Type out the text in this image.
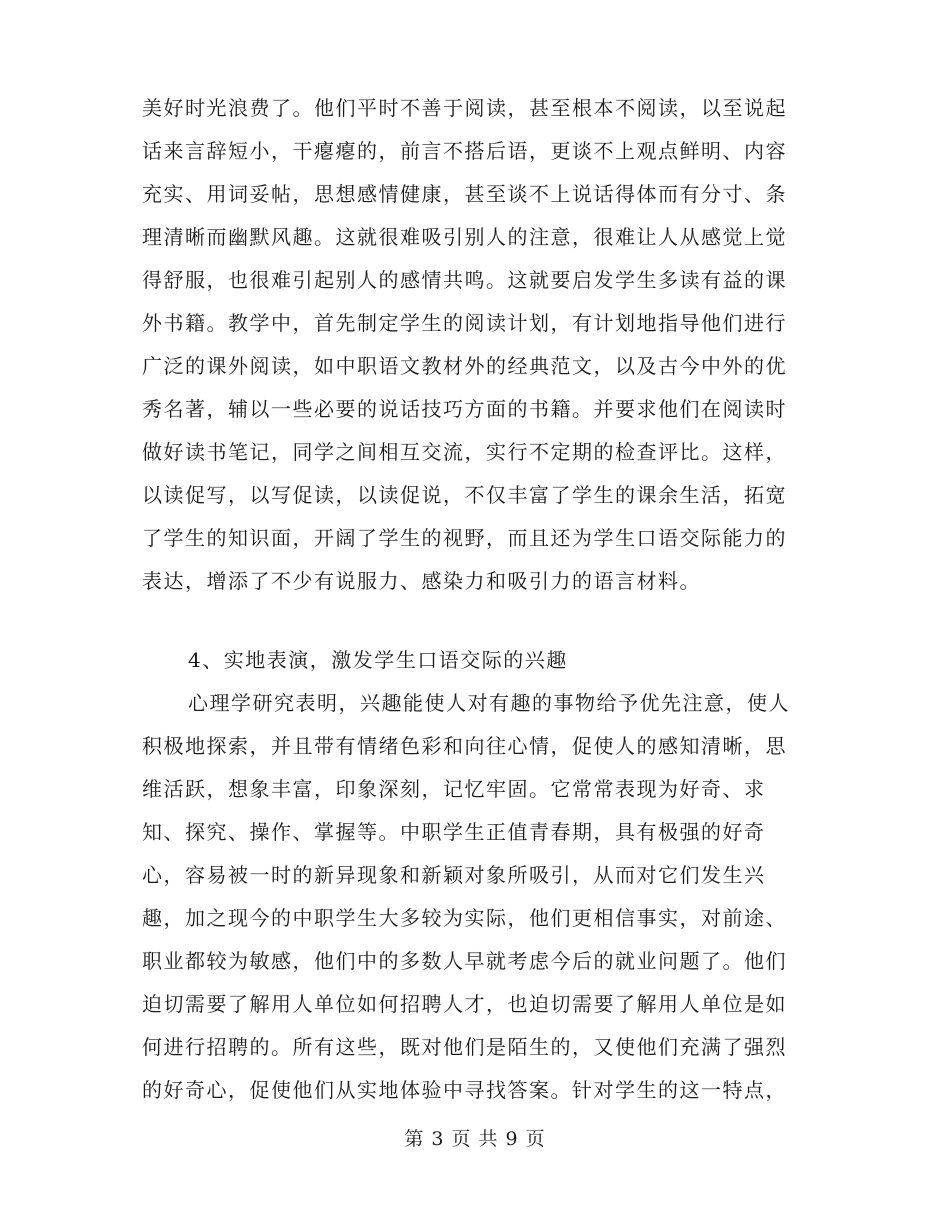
美好时光浪费了。他们平时不善于阅读，甚至根本不阅读，以至说起
话来言辞短小，干瘪瘪的，前言不搭后语，更谈不上观点鲜明、内容
充实、用词妥帖，思想感情健康，甚至谈不上说话得体而有分寸、条
理清晰而幽默风趣。这就很难吸引别人的注意，很难让人从感觉上觉
得舒服，也很难引起别人的感情共鸣。这就要启发学生多读有益的课
外书籍。教学中，首先制定学生的阅读计划，有计划地指导他们进行
广泛的课外阅读，如中职语文教材外的经典范文，以及古今中外的优
秀名著，辅以一些必要的说话技巧方面的书籍。并要求他们在阅读时
做好读书笔记，同学之间相互交流，实行不定期的检查评比。这样，
以读促写，以写促读，以读促说，不仅丰富了学生的课余生活，拓宽
了学生的知识面，开阔了学生的视野，而且还为学生口语交际能力的
表达，增添了不少有说服力、感染力和吸引力的语言材料。
4、实地表演，激发学生口语交际的兴趣
心理学研究表明，兴趣能使人对有趣的事物给予优先注意，使人
积极地探索，并且带有情绪色彩和向往心情，促使人的感知清晰，思
维活跃，想象丰富，印象深刻，记忆牢固。它常常表现为好奇、求
知、探究、操作、掌握等。中职学生正值青春期，具有极强的好奇
心，容易被一时的新异现象和新颖对象所吸引，从而对它们发生兴
趣，加之现今的中职学生大多较为实际，他们更相信事实，对前途、
职业都较为敏感，他们中的多数人早就考虑今后的就业问题了。他们
迫切需要了解用人单位如何招聘人才，也迫切需要了解用人单位是如
何进行招聘的。所有这些，既对他们是陌生的，又使他们充满了强烈
的好奇心，促使他们从实地体验中寻找答案。针对学生的这一特点，
第 3 页 共 9 页
